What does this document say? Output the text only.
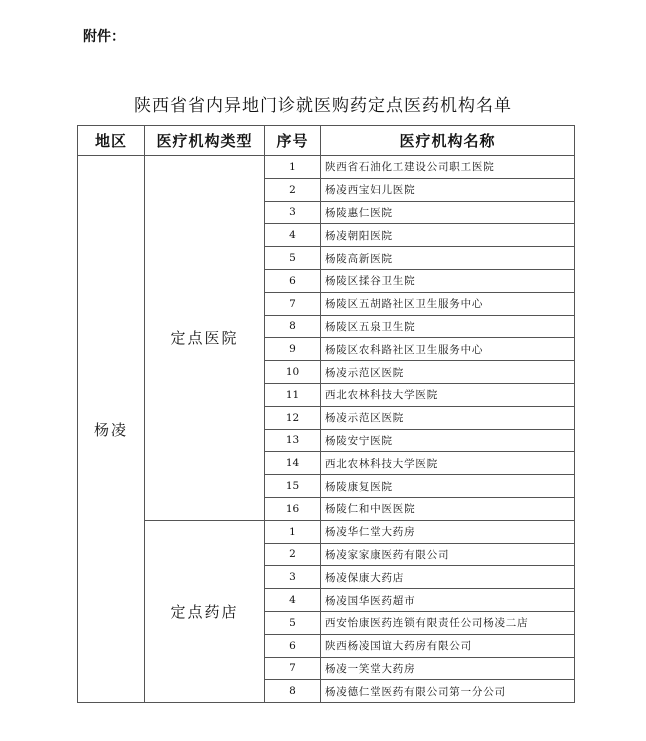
附件：
陕西省省内异地门诊就医购药定点医药机构名单
地区	医疗机构类型	序号	医疗机构名称
杨凌	定点医院	1	陕西省石油化工建设公司职工医院
		2	杨凌西宝妇儿医院
		3	杨陵惠仁医院
		4	杨凌朝阳医院
		5	杨陵高新医院
		6	杨陵区揉谷卫生院
		7	杨陵区五胡路社区卫生服务中心
		8	杨陵区五泉卫生院
		9	杨陵区农科路社区卫生服务中心
		10	杨凌示范区医院
		11	西北农林科技大学医院
		12	杨凌示范区医院
		13	杨陵安宁医院
		14	西北农林科技大学医院
		15	杨陵康复医院
		16	杨陵仁和中医医院
	定点药店	1	杨凌华仁堂大药房
		2	杨凌家家康医药有限公司
		3	杨凌保康大药店
		4	杨凌国华医药超市
		5	西安怡康医药连锁有限责任公司杨凌二店
		6	陕西杨凌国谊大药房有限公司
		7	杨凌一笑堂大药房
		8	杨凌德仁堂医药有限公司第一分公司
